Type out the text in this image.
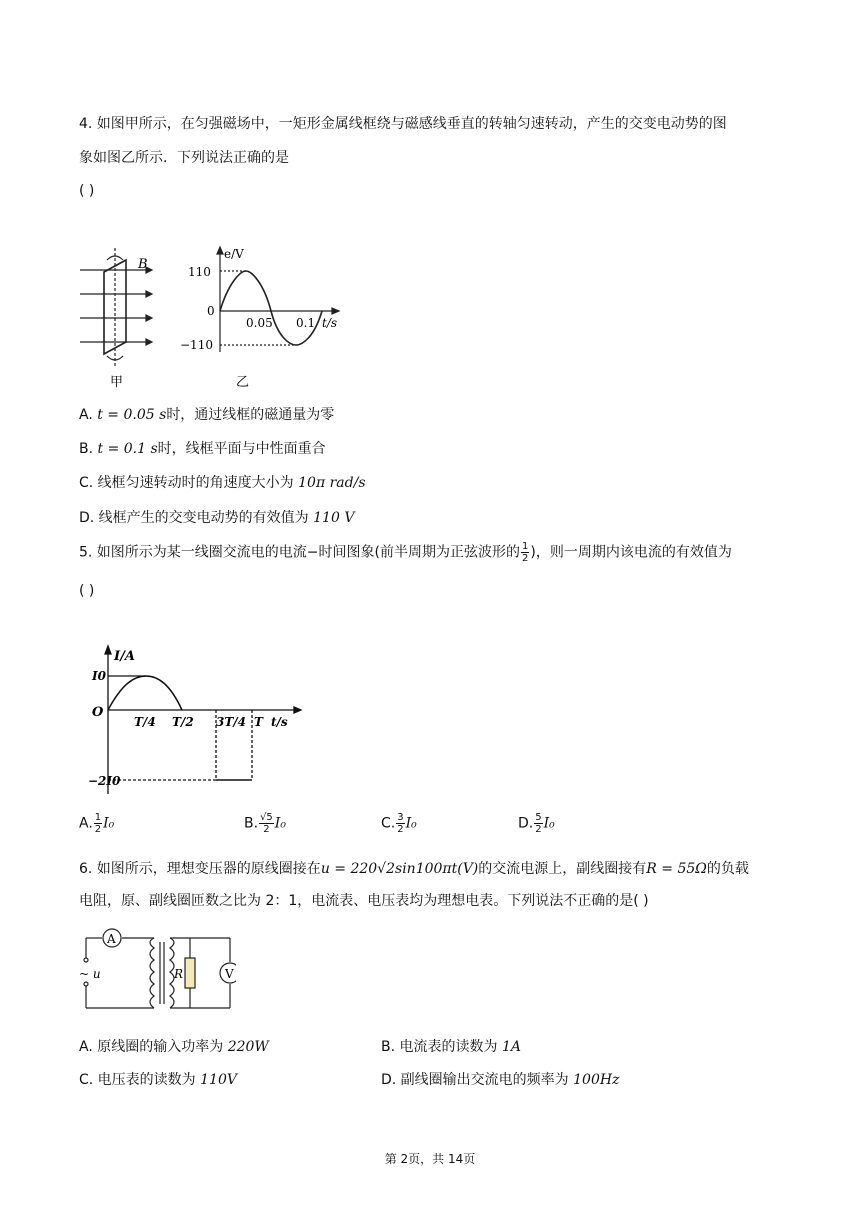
4. 如图甲所示，在匀强磁场中，一矩形金属线框绕与磁感线垂直的转轴匀速转动，产生的交变电动势的图
象如图乙所示．下列说法正确的是
( )
B
甲
e/V
110
0
−110
0.05 0.1 t/s
乙
A. t = 0.05 s时，通过线框的磁通量为零
B. t = 0.1 s时，线框平面与中性面重合
C. 线框匀速转动时的角速度大小为 10π rad/s
D. 线框产生的交变电动势的有效值为 110 V
5. 如图所示为某一线圈交流电的电流−时间图象(前半周期为正弦波形的 $\frac{1}{2}$ )，则一周期内该电流的有效值为
( )
I/A
I0
O
T/4 T/2 3T/4 T t/s
−2I0
A. $\frac{1}{2} I_0$	B. $\frac{√5}{2} I_0$	C. $\frac{3}{2} I_0$	D. $\frac{5}{2} I_0$
6. 如图所示，理想变压器的原线圈接在u = 220√2sin100πt(V)的交流电源上，副线圈接有R = 55Ω的负载
电阻，原、副线圈匝数之比为 2：1，电流表、电压表均为理想电表。下列说法不正确的是( )
A
V
~ u	R
A. 原线圈的输入功率为 220W	B. 电流表的读数为 1A
C. 电压表的读数为 110V	D. 副线圈输出交流电的频率为 100Hz
第 2页，共 14页
